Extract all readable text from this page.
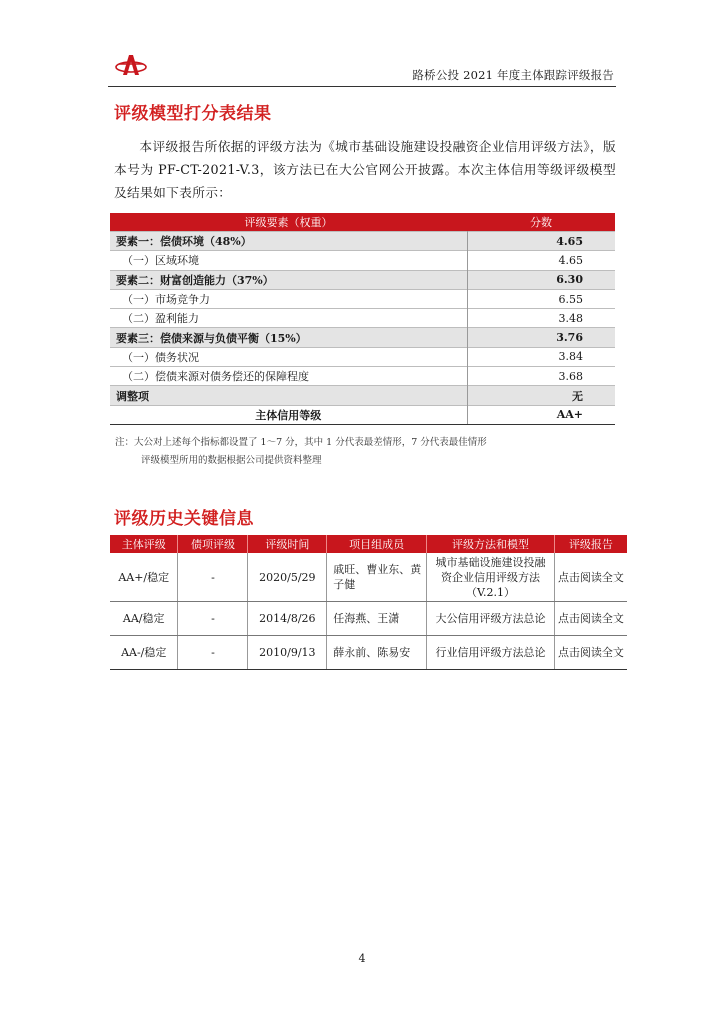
路桥公投 2021 年度主体跟踪评级报告
评级模型打分表结果
本评级报告所依据的评级方法为《城市基础设施建设投融资企业信用评级方法》，版本号为 PF-CT-2021-V.3，该方法已在大公官网公开披露。本次主体信用等级评级模型及结果如下表所示：
评级要素（权重）	分数
要素一：偿债环境（48%）	4.65
（一）区域环境	4.65
要素二：财富创造能力（37%）	6.30
（一）市场竞争力	6.55
（二）盈利能力	3.48
要素三：偿债来源与负债平衡（15%）	3.76
（一）债务状况	3.84
（二）偿债来源对债务偿还的保障程度	3.68
调整项	无
主体信用等级	AA+
注：大公对上述每个指标都设置了 1～7 分，其中 1 分代表最差情形，7 分代表最佳情形
评级模型所用的数据根据公司提供资料整理
评级历史关键信息
主体评级	债项评级	评级时间	项目组成员	评级方法和模型	评级报告
AA+/稳定	-	2020/5/29	戚旺、曹业东、黄子健	城市基础设施建设投融资企业信用评级方法（V.2.1）	点击阅读全文
AA/稳定	-	2014/8/26	任海燕、王潇	大公信用评级方法总论	点击阅读全文
AA-/稳定	-	2010/9/13	薛永前、陈易安	行业信用评级方法总论	点击阅读全文
4
